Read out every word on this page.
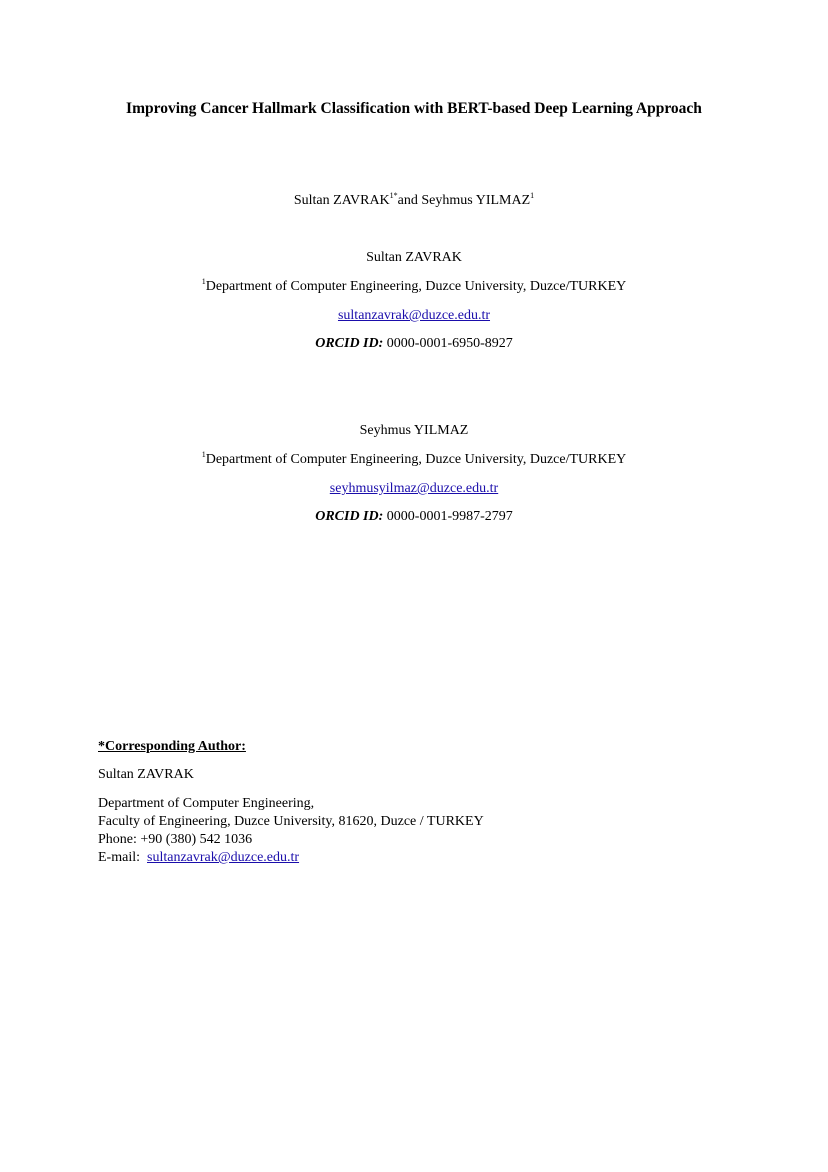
Improving Cancer Hallmark Classification with BERT-based Deep Learning Approach
Sultan $ZAVRAK^{1*}and$ Seyhmus YILMAZ$^1$
Sultan ZAVRAK
$^1$Department of Computer Engineering, Duzce University, Duzce/TURKEY
sultanzavrak@duzce.edu.tr
ORCID ID: 0000-0001-6950-8927
Seyhmus YILMAZ
$^1$Department of Computer Engineering, Duzce University, Duzce/TURKEY
seyhmusyilmaz@duzce.edu.tr
ORCID ID: 0000-0001-9987-2797
*Corresponding Author:
Sultan ZAVRAK
Department of Computer Engineering,
Faculty of Engineering, Duzce University, 81620, Duzce / TURKEY
Phone: +90 (380) 542 1036
E-mail: sultanzavrak@duzce.edu.tr
